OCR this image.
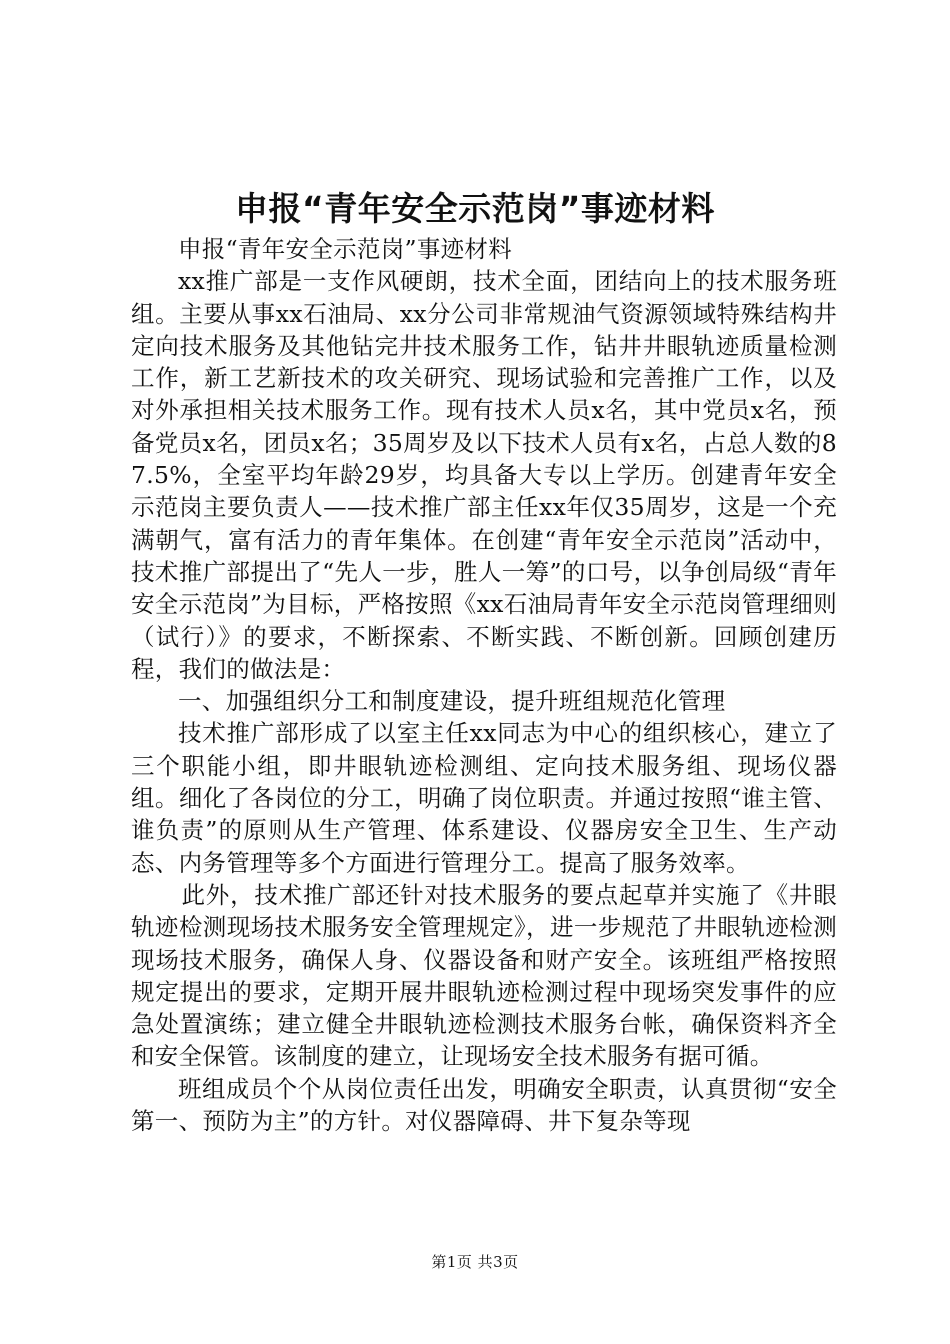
申报“青年安全示范岗”事迹材料

申报“青年安全示范岗”事迹材料

xx推广部是一支作风硬朗，技术全面，团结向上的技术服务班组。主要从事xx石油局、xx分公司非常规油气资源领域特殊结构井定向技术服务及其他钻完井技术服务工作，钻井井眼轨迹质量检测工作，新工艺新技术的攻关研究、现场试验和完善推广工作，以及对外承担相关技术服务工作。现有技术人员x名，其中党员x名，预备党员x名，团员x名；35周岁及以下技术人员有x名，占总人数的87.5%，全室平均年龄29岁，均具备大专以上学历。创建青年安全示范岗主要负责人——技术推广部主任xx年仅35周岁，这是一个充满朝气，富有活力的青年集体。在创建“青年安全示范岗”活动中，技术推广部提出了“先人一步，胜人一筹”的口号，以争创局级“青年安全示范岗”为目标，严格按照《xx石油局青年安全示范岗管理细则（试行）》的要求，不断探索、不断实践、不断创新。回顾创建历程，我们的做法是：

一、加强组织分工和制度建设，提升班组规范化管理

技术推广部形成了以室主任xx同志为中心的组织核心，建立了三个职能小组，即井眼轨迹检测组、定向技术服务组、现场仪器组。细化了各岗位的分工，明确了岗位职责。并通过按照“谁主管、谁负责”的原则从生产管理、体系建设、仪器房安全卫生、生产动态、内务管理等多个方面进行管理分工。提高了服务效率。

此外，技术推广部还针对技术服务的要点起草并实施了《井眼轨迹检测现场技术服务安全管理规定》，进一步规范了井眼轨迹检测现场技术服务，确保人身、仪器设备和财产安全。该班组严格按照规定提出的要求，定期开展井眼轨迹检测过程中现场突发事件的应急处置演练；建立健全井眼轨迹检测技术服务台帐，确保资料齐全和安全保管。该制度的建立，让现场安全技术服务有据可循。

班组成员个个从岗位责任出发，明确安全职责，认真贯彻“安全第一、预防为主”的方针。对仪器障碍、井下复杂等现

第1页 共3页
